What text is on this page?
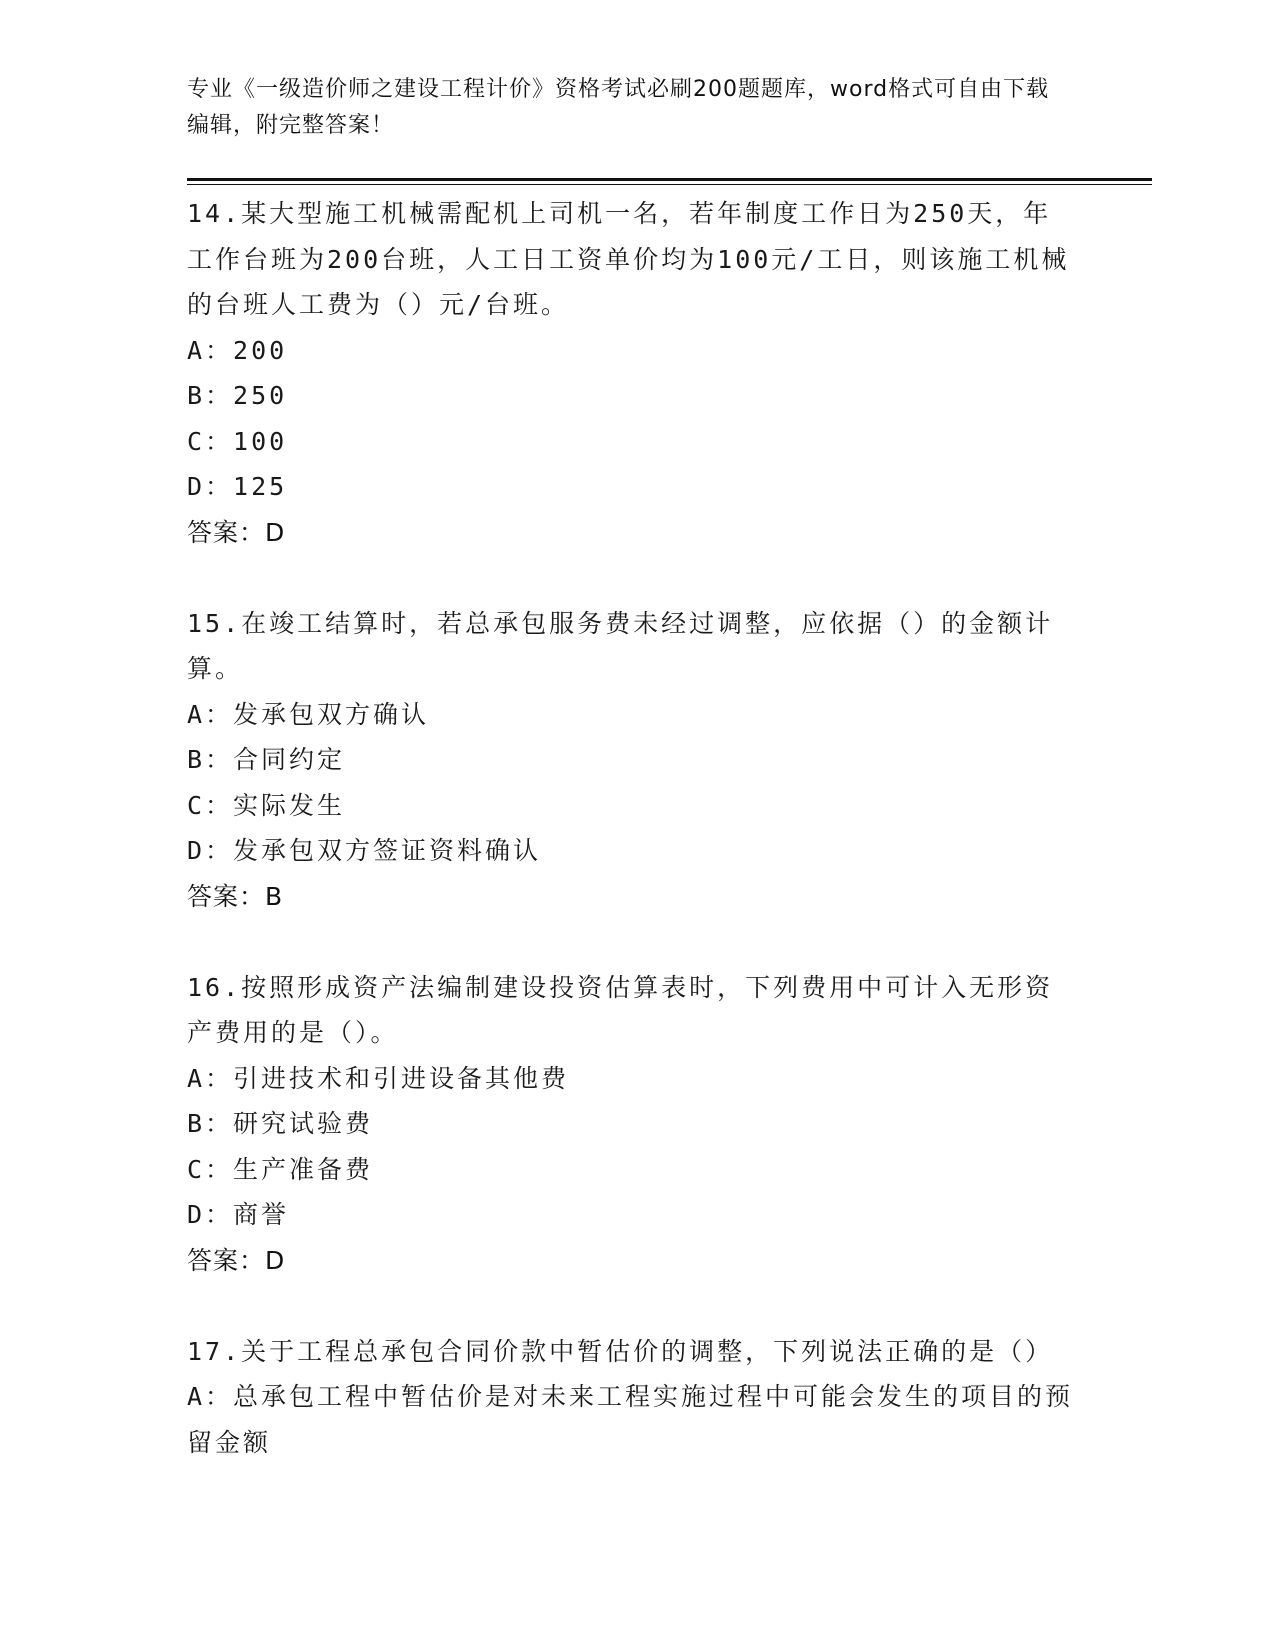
专业《一级造价师之建设工程计价》资格考试必刷200题题库，word格式可自由下载编辑，附完整答案！

14.某大型施工机械需配机上司机一名，若年制度工作日为250天，年工作台班为200台班，人工日工资单价均为100元/工日，则该施工机械的台班人工费为（）元/台班。

A：200

B：250

C：100

D：125

答案：D

15.在竣工结算时，若总承包服务费未经过调整，应依据（）的金额计算。

A：发承包双方确认

B：合同约定

C：实际发生

D：发承包双方签证资料确认

答案：B

16.按照形成资产法编制建设投资估算表时，下列费用中可计入无形资产费用的是（）。

A：引进技术和引进设备其他费

B：研究试验费

C：生产准备费

D：商誉

答案：D

17.关于工程总承包合同价款中暂估价的调整，下列说法正确的是（）

A：总承包工程中暂估价是对未来工程实施过程中可能会发生的项目的预留金额
